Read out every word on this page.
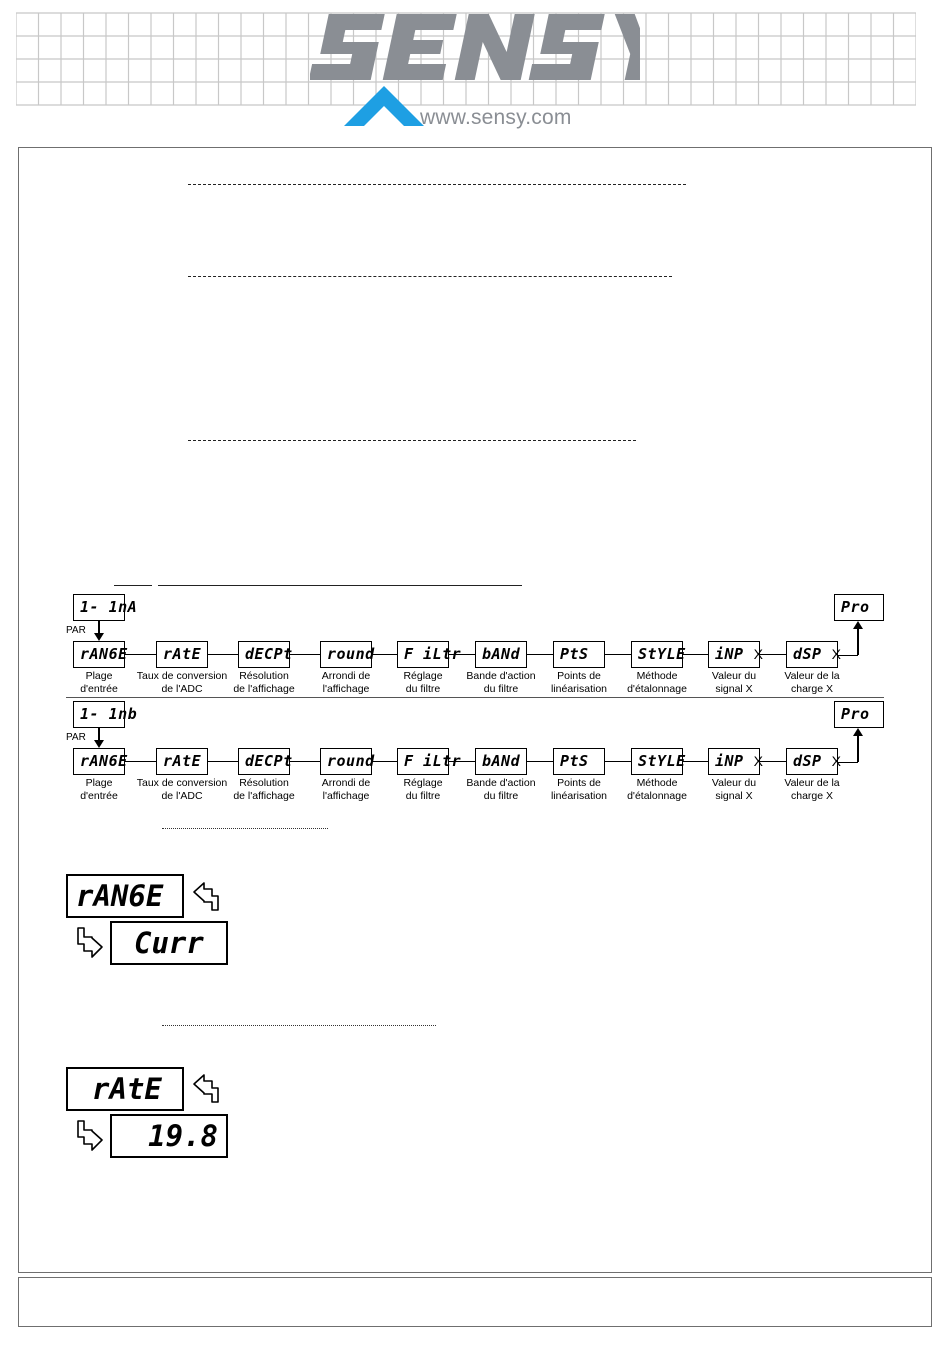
www.sensy.com
1- 1nA
PAR
Pro
rAN6E
Plage
d'entrée
rAtE
Taux de conversion
de l'ADC
dECPt
Résolution
de l'affichage
round
Arrondi de
l'affichage
F iLtr
Réglage
du filtre
bANd
Bande d'action
du filtre
PtS
Points de
linéarisation
StYLE
Méthode
d'étalonnage
iNP X
Valeur du
signal X
dSP X
Valeur de la
charge X
1- 1nb
PAR
Pro
rAN6E
Plage
d'entrée
rAtE
Taux de conversion
de l'ADC
dECPt
Résolution
de l'affichage
round
Arrondi de
l'affichage
F iLtr
Réglage
du filtre
bANd
Bande d'action
du filtre
PtS
Points de
linéarisation
StYLE
Méthode
d'étalonnage
iNP X
Valeur du
signal X
dSP X
Valeur de la
charge X
rAN6E
Curr
rAtE
19.8
